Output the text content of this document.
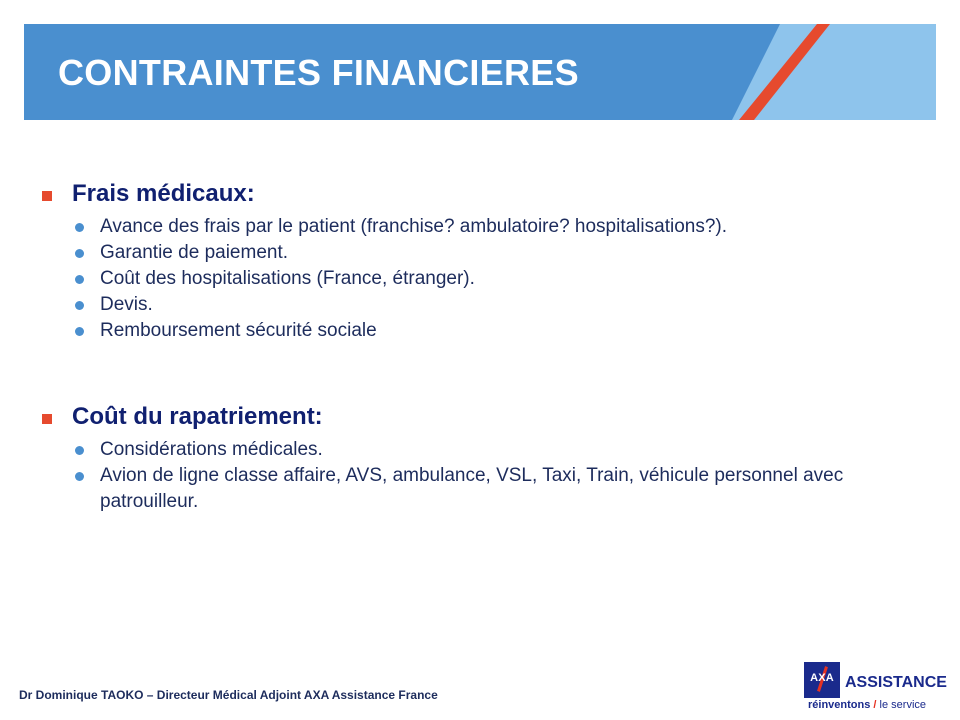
CONTRAINTES FINANCIERES
Frais médicaux:
Avance des frais par le patient (franchise? ambulatoire? hospitalisations?).
Garantie de paiement.
Coût des hospitalisations (France, étranger).
Devis.
Remboursement sécurité sociale
Coût du rapatriement:
Considérations médicales.
Avion de ligne classe affaire, AVS, ambulance, VSL, Taxi, Train, véhicule personnel avec patrouilleur.
Dr Dominique TAOKO – Directeur Médical Adjoint AXA Assistance France
AXA ASSISTANCE
réinventons / le service
